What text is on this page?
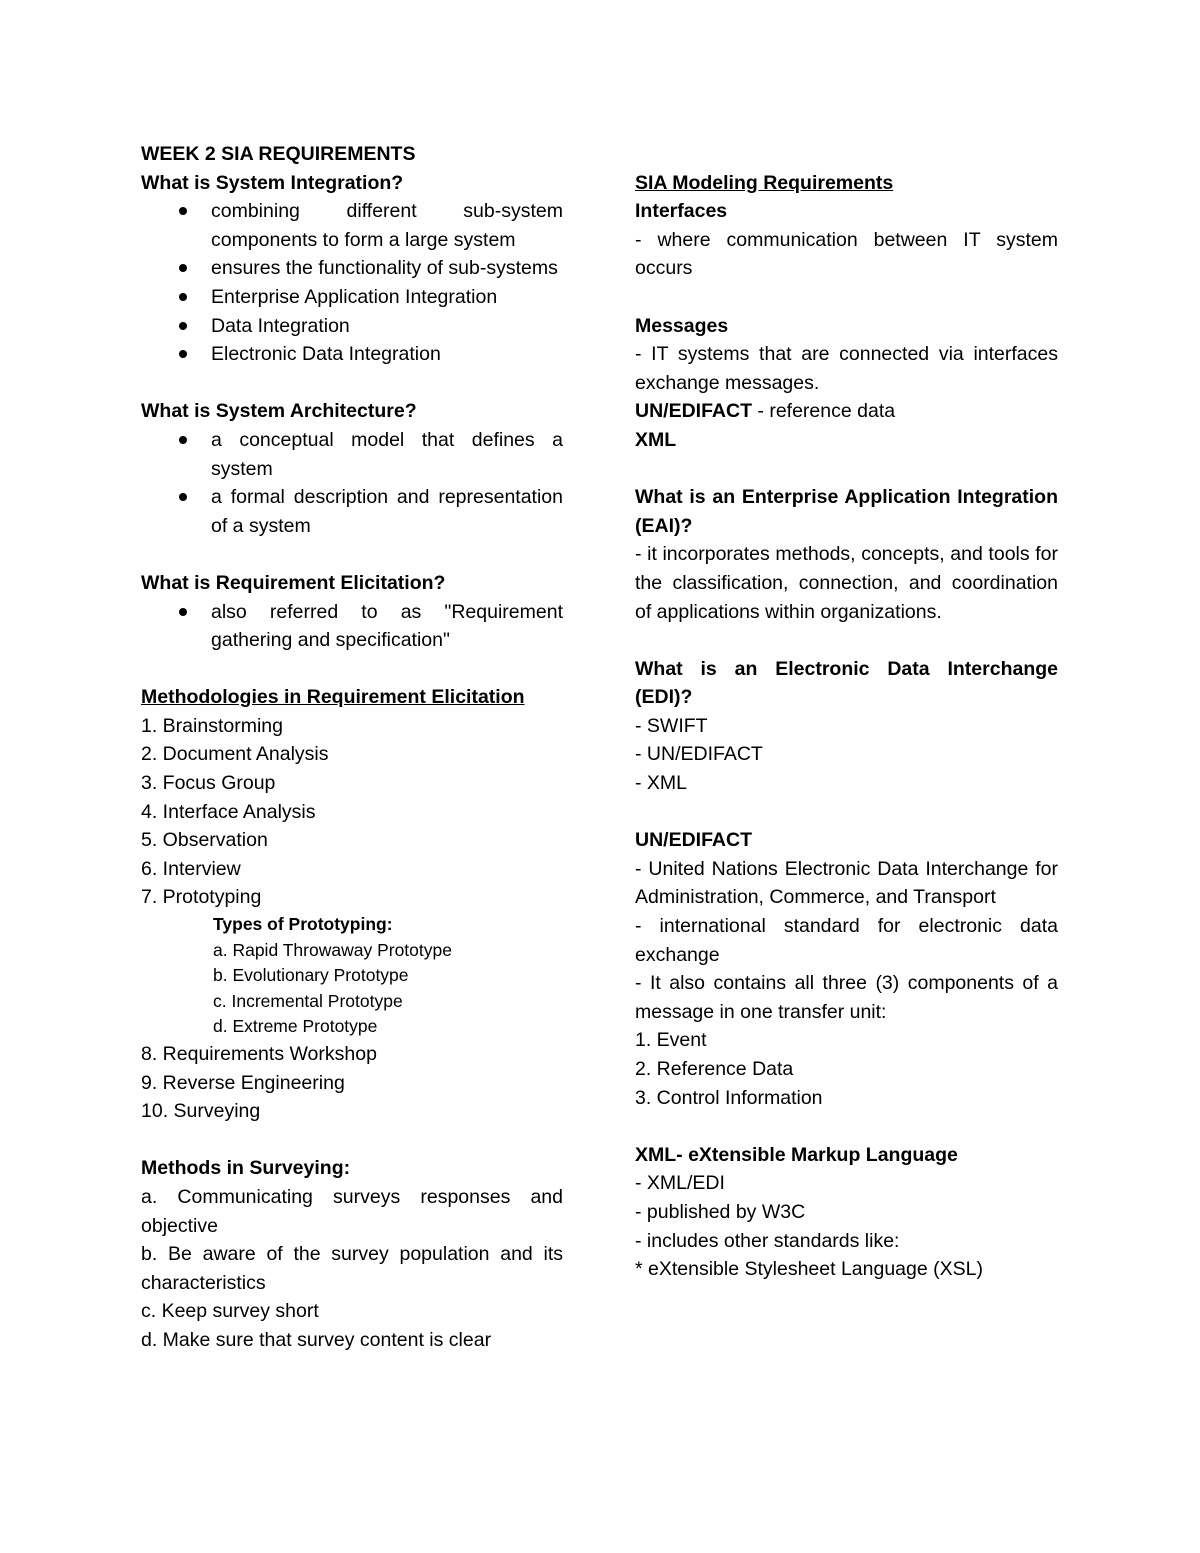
WEEK 2 SIA REQUIREMENTS

What is System Integration?

combining different sub-system components to form a large system
ensures the functionality of sub-systems
Enterprise Application Integration
Data Integration
Electronic Data Integration

What is System Architecture?

a conceptual model that defines a system
a formal description and representation of a system

What is Requirement Elicitation?

also referred to as "Requirement gathering and specification"

Methodologies in Requirement Elicitation

1. Brainstorming

2. Document Analysis

3. Focus Group

4. Interface Analysis

5. Observation

6. Interview

7. Prototyping

Types of Prototyping:

a. Rapid Throwaway Prototype

b. Evolutionary Prototype

c. Incremental Prototype

d. Extreme Prototype

8. Requirements Workshop

9. Reverse Engineering

10. Surveying

Methods in Surveying:

a. Communicating surveys responses and objective

b. Be aware of the survey population and its characteristics

c. Keep survey short

d. Make sure that survey content is clear

SIA Modeling Requirements

Interfaces

- where communication between IT system occurs

Messages

- IT systems that are connected via interfaces exchange messages.

UN/EDIFACT - reference data

XML

What is an Enterprise Application Integration (EAI)?

- it incorporates methods, concepts, and tools for the classification, connection, and coordination of applications within organizations.

What is an Electronic Data Interchange (EDI)?

- SWIFT

- UN/EDIFACT

- XML

UN/EDIFACT

- United Nations Electronic Data Interchange for Administration, Commerce, and Transport

- international standard for electronic data exchange

- It also contains all three (3) components of a message in one transfer unit:

1. Event

2. Reference Data

3. Control Information

XML- eXtensible Markup Language

- XML/EDI

- published by W3C

- includes other standards like:

* eXtensible Stylesheet Language (XSL)
